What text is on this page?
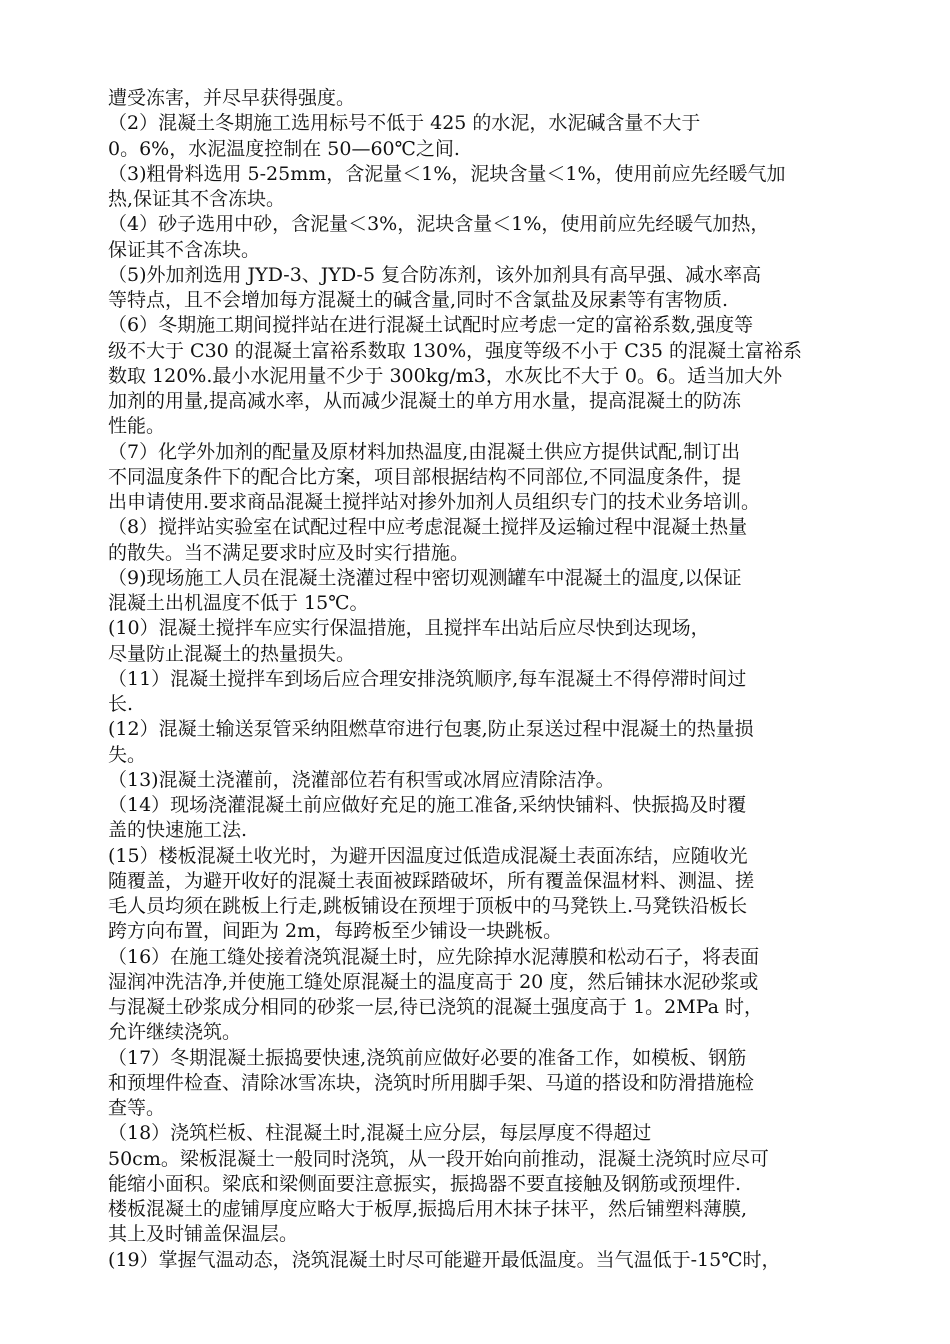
遭受冻害，并尽早获得强度。
（2）混凝土冬期施工选用标号不低于 425 的水泥，水泥碱含量不大于
0。6%，水泥温度控制在 50—60℃之间.
（3)粗骨料选用 5-25mm，含泥量＜1%，泥块含量＜1%，使用前应先经暖气加
热,保证其不含冻块。
（4）砂子选用中砂，含泥量＜3%，泥块含量＜1%，使用前应先经暖气加热，
保证其不含冻块。
（5)外加剂选用 JYD-3、JYD-5 复合防冻剂，该外加剂具有高早强、减水率高
等特点，且不会增加每方混凝土的碱含量,同时不含氯盐及尿素等有害物质.
（6）冬期施工期间搅拌站在进行混凝土试配时应考虑一定的富裕系数,强度等
级不大于 C30 的混凝土富裕系数取 130%，强度等级不小于 C35 的混凝土富裕系
数取 120%.最小水泥用量不少于 300kg/m3，水灰比不大于 0。6。适当加大外
加剂的用量,提高减水率，从而减少混凝土的单方用水量，提高混凝土的防冻
性能。
（7）化学外加剂的配量及原材料加热温度,由混凝土供应方提供试配,制订出
不同温度条件下的配合比方案，项目部根据结构不同部位,不同温度条件，提
出申请使用.要求商品混凝土搅拌站对掺外加剂人员组织专门的技术业务培训。
（8）搅拌站实验室在试配过程中应考虑混凝土搅拌及运输过程中混凝土热量
的散失。当不满足要求时应及时实行措施。
（9)现场施工人员在混凝土浇灌过程中密切观测罐车中混凝土的温度,以保证
混凝土出机温度不低于 15℃。
(10）混凝土搅拌车应实行保温措施，且搅拌车出站后应尽快到达现场，
尽量防止混凝土的热量损失。
（11）混凝土搅拌车到场后应合理安排浇筑顺序,每车混凝土不得停滞时间过
长.
(12）混凝土输送泵管采纳阻燃草帘进行包裹,防止泵送过程中混凝土的热量损
失。
（13)混凝土浇灌前，浇灌部位若有积雪或冰屑应清除洁净。
（14）现场浇灌混凝土前应做好充足的施工准备,采纳快铺料、快振捣及时覆
盖的快速施工法.
(15）楼板混凝土收光时，为避开因温度过低造成混凝土表面冻结，应随收光
随覆盖，为避开收好的混凝土表面被踩踏破坏，所有覆盖保温材料、测温、搓
毛人员均须在跳板上行走,跳板铺设在预埋于顶板中的马凳铁上.马凳铁沿板长
跨方向布置，间距为 2m，每跨板至少铺设一块跳板。
（16）在施工缝处接着浇筑混凝土时，应先除掉水泥薄膜和松动石子，将表面
湿润冲洗洁净,并使施工缝处原混凝土的温度高于 20 度，然后铺抹水泥砂浆或
与混凝土砂浆成分相同的砂浆一层,待已浇筑的混凝土强度高于 1。2MPa 时，
允许继续浇筑。
（17）冬期混凝土振捣要快速,浇筑前应做好必要的准备工作，如模板、钢筋
和预埋件检查、清除冰雪冻块，浇筑时所用脚手架、马道的搭设和防滑措施检
查等。
（18）浇筑栏板、柱混凝土时,混凝土应分层，每层厚度不得超过
50cm。梁板混凝土一般同时浇筑，从一段开始向前推动，混凝土浇筑时应尽可
能缩小面积。梁底和梁侧面要注意振实，振捣器不要直接触及钢筋或预埋件.
楼板混凝土的虚铺厚度应略大于板厚,振捣后用木抹子抹平，然后铺塑料薄膜,
其上及时铺盖保温层。
(19）掌握气温动态，浇筑混凝土时尽可能避开最低温度。当气温低于-15℃时，
